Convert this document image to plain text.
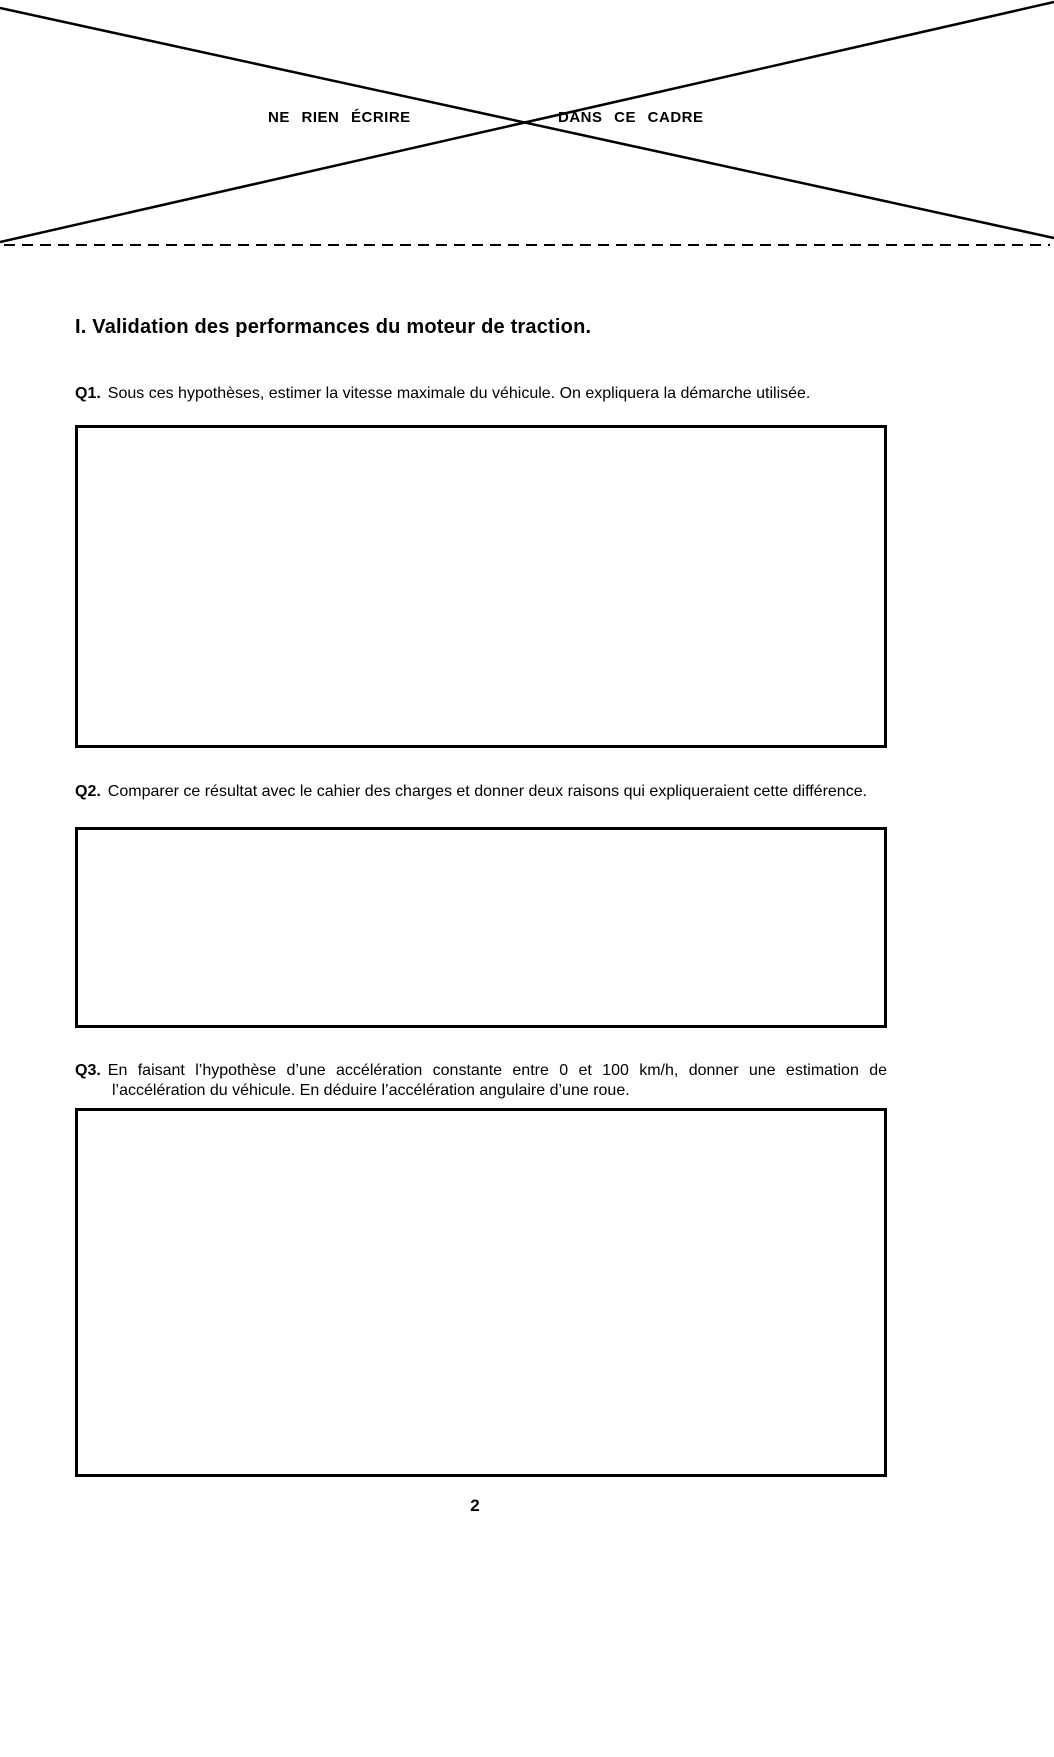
NE RIEN ÉCRIRE	DANS CE CADRE
I. Validation des performances du moteur de traction.

Q1. Sous ces hypothèses, estimer la vitesse maximale du véhicule. On expliquera la démarche utilisée.

Q2. Comparer ce résultat avec le cahier des charges et donner deux raisons qui expliqueraient cette différence.

Q3. En faisant l’hypothèse d’une accélération constante entre 0 et 100 km/h, donner une estimation de l’accélération du véhicule. En déduire l’accélération angulaire d’une roue.

2
